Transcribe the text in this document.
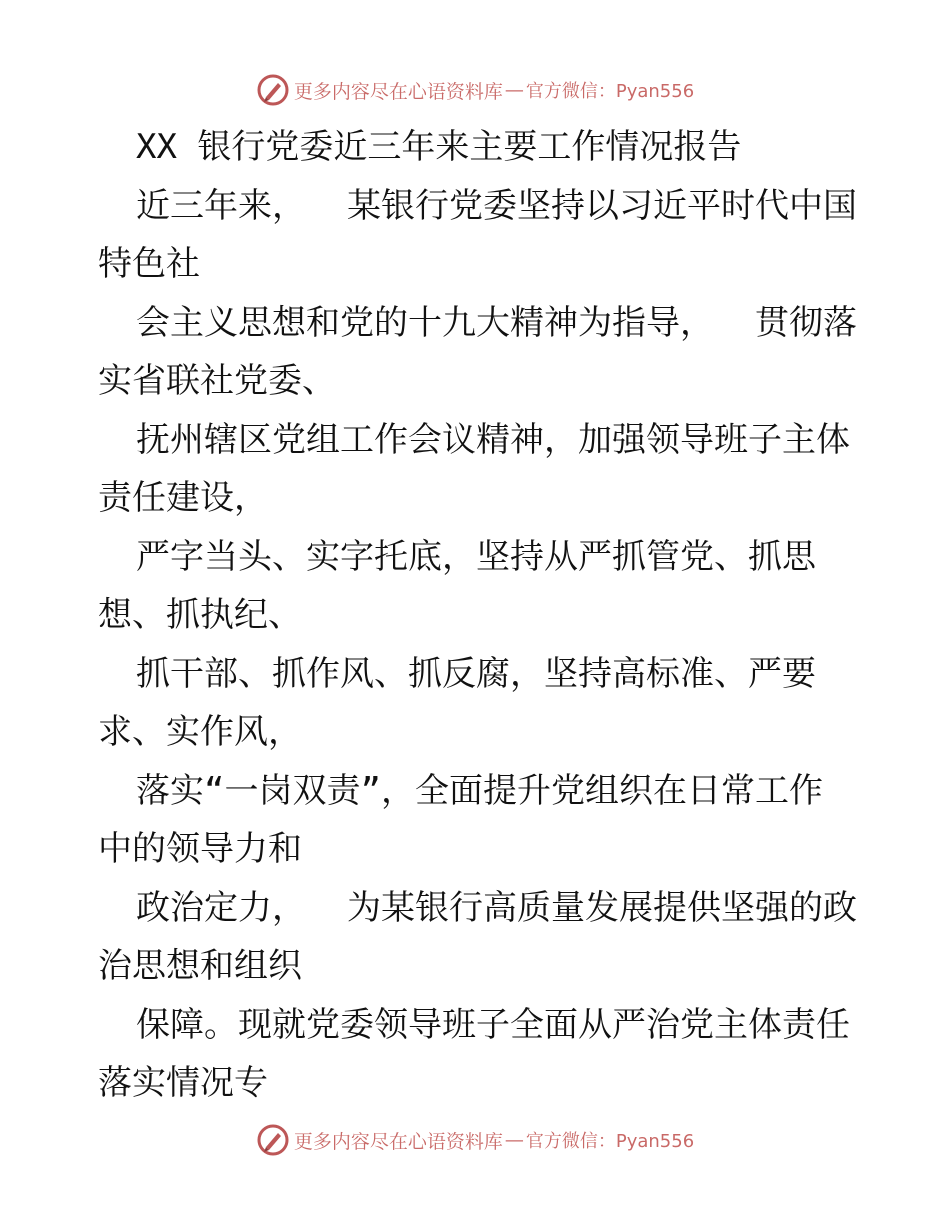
更多内容尽在心语资料库 — 官方微信：Pyan556
XX 银行党委近三年来主要工作情况报告
近三年来，  某银行党委坚持以习近平时代中国
特色社
会主义思想和党的十九大精神为指导，  贯彻落
实省联社党委、
抚州辖区党组工作会议精神，加强领导班子主体
责任建设，
严字当头、实字托底，坚持从严抓管党、抓思
想、抓执纪、
抓干部、抓作风、抓反腐，坚持高标准、严要
求、实作风，
落实“一岗双责”，全面提升党组织在日常工作
中的领导力和
政治定力，  为某银行高质量发展提供坚强的政
治思想和组织
保障。现就党委领导班子全面从严治党主体责任
落实情况专
更多内容尽在心语资料库 — 官方微信：Pyan556
